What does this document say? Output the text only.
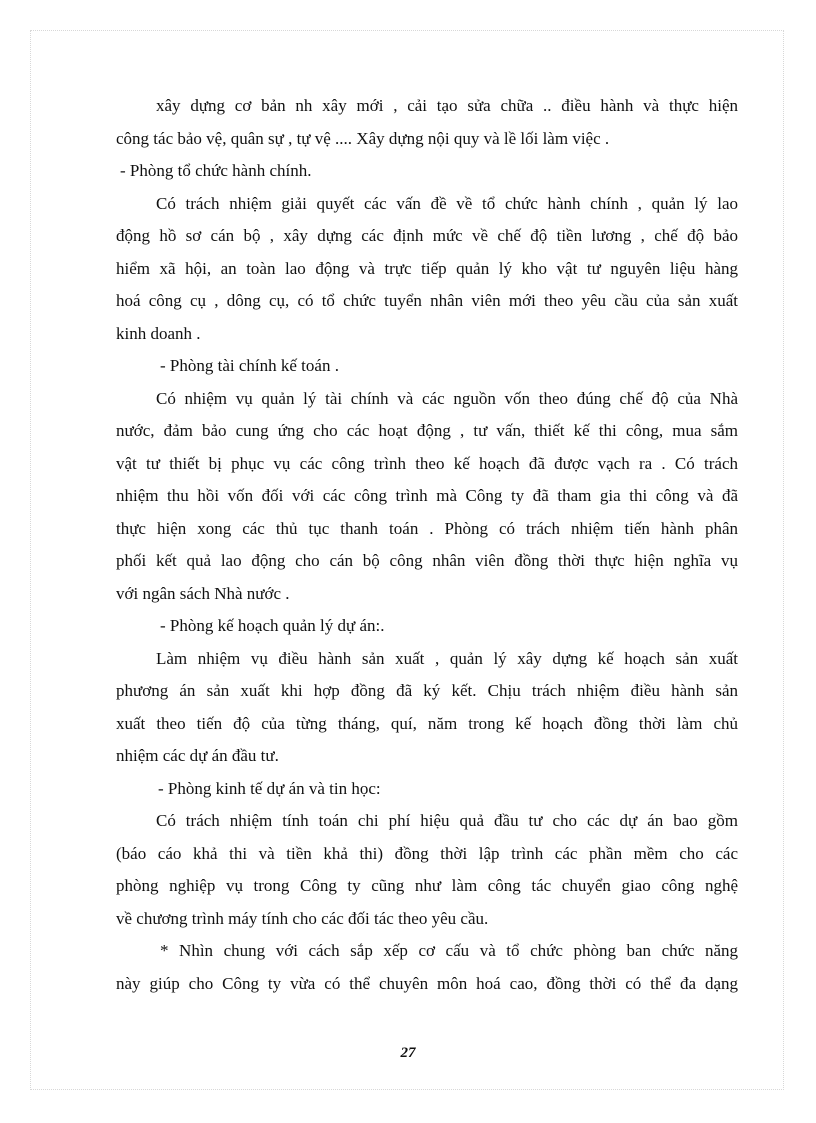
xây dựng cơ bản nh xây mới , cải tạo sửa chữa .. điều hành và thực hiện
công tác bảo vệ, quân sự , tự vệ .... Xây dựng nội quy và lề lối làm việc .
- Phòng tổ chức hành chính.
Có trách nhiệm giải quyết các vấn đề về tổ chức hành chính , quản lý lao
động hồ sơ cán bộ , xây dựng các định mức về chế độ tiền lương , chế độ bảo
hiểm xã hội, an toàn lao động và trực tiếp quản lý kho vật tư nguyên liệu hàng
hoá công cụ , dông cụ, có tổ chức tuyển nhân viên mới theo yêu cầu của sản xuất
kinh doanh .
- Phòng tài chính kế toán .
Có nhiệm vụ quản lý tài chính và các nguồn vốn theo đúng chế độ của Nhà
nước, đảm bảo cung ứng cho các hoạt động , tư vấn, thiết kế thi công, mua sắm
vật tư thiết bị phục vụ các công trình theo kế hoạch đã được vạch ra . Có trách
nhiệm thu hồi vốn đối với các công trình mà Công ty đã tham gia thi công và đã
thực hiện xong các thủ tục thanh toán . Phòng có trách nhiệm tiến hành phân
phối kết quả lao động cho cán bộ công nhân viên đồng thời thực hiện nghĩa vụ
với ngân sách Nhà nước .
- Phòng kế hoạch quản lý dự án:.
Làm nhiệm vụ điều hành sản xuất , quản lý xây dựng kế hoạch sản xuất
phương án sản xuất khi hợp đồng đã ký kết. Chịu trách nhiệm điều hành sản
xuất theo tiến độ của từng tháng, quí, năm trong kế hoạch đồng thời làm chủ
nhiệm các dự án đầu tư.
- Phòng kinh tế dự án và tin học:
Có trách nhiệm tính toán chi phí hiệu quả đầu tư cho các dự án bao gồm
(báo cáo khả thi và tiền khả thi) đồng thời lập trình các phần mềm cho các
phòng nghiệp vụ trong Công ty cũng như làm công tác chuyển giao công nghệ
về chương trình máy tính cho các đối tác theo yêu cầu.
* Nhìn chung với cách sắp xếp cơ cấu và tổ chức phòng ban chức năng
này giúp cho Công ty vừa có thể chuyên môn hoá cao, đồng thời có thể đa dạng
27
